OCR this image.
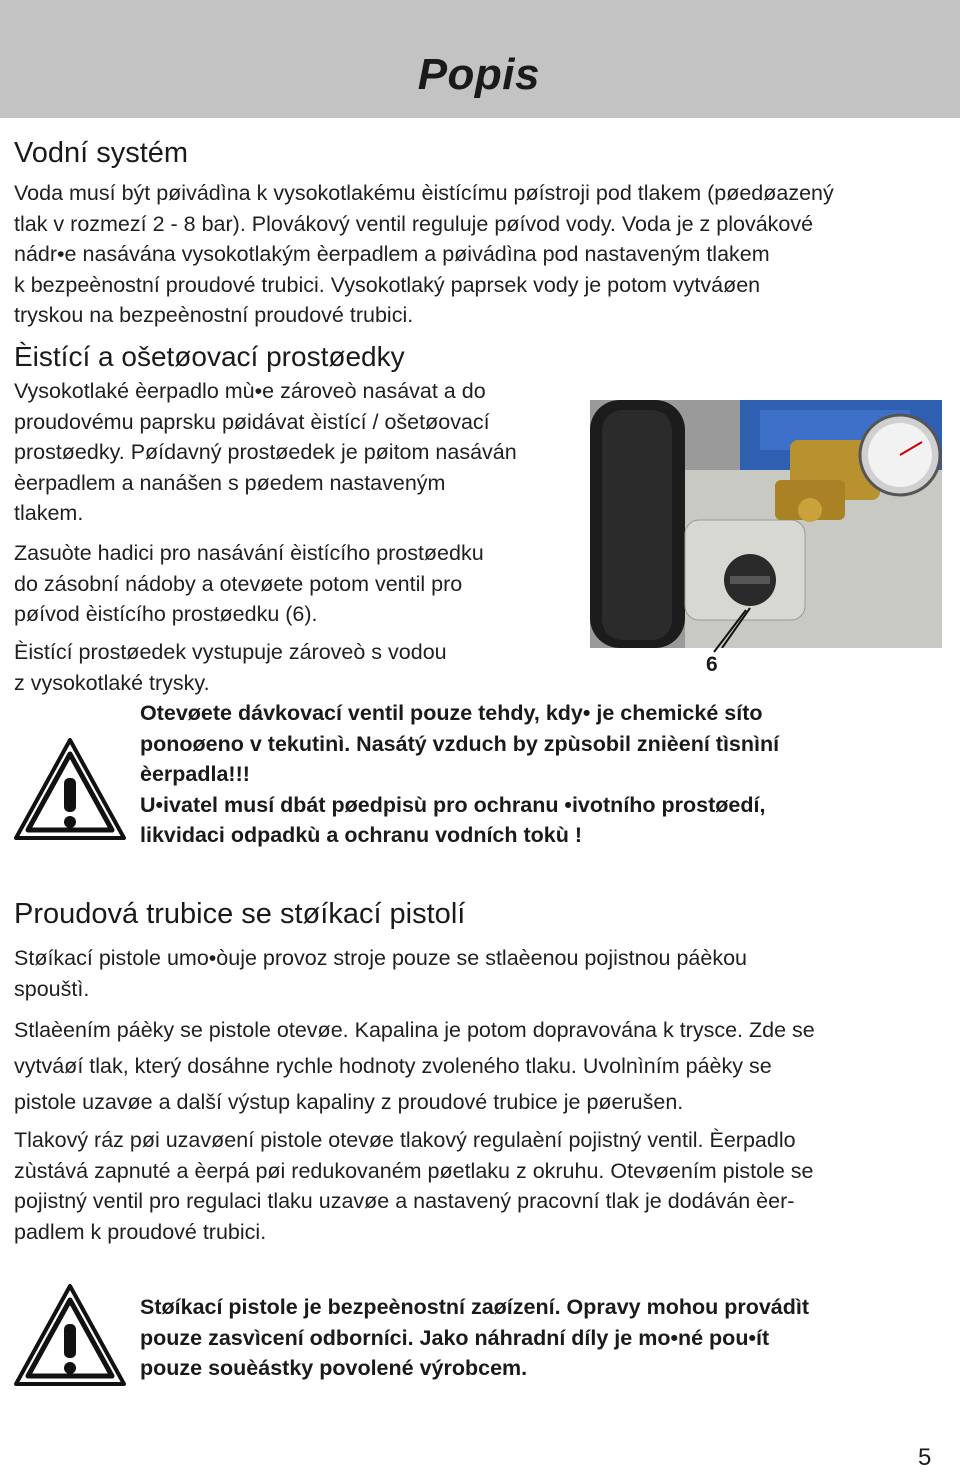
Popis
Vodní systém

Voda musí být pøivádìna k vysokotlakému èistícímu pøístroji pod tlakem (pøedøazený

tlak v rozmezí 2 - 8 bar). Plovákový ventil reguluje pøívod vody. Voda je z plovákové

nádr•e nasávána vysokotlakým èerpadlem a pøivádìna pod nastaveným tlakem

k bezpeènostní proudové trubici. Vysokotlaký paprsek vody je potom vytváøen

tryskou na bezpeènostní proudové trubici.

Èistící a ošetøovací prostøedky

Vysokotlaké èerpadlo mù•e zároveò nasávat a do

proudovému paprsku pøidávat èistící / ošetøovací

prostøedky. Pøídavný prostøedek je pøitom nasáván

èerpadlem a nanášen s pøedem nastaveným

tlakem.

Zasuòte hadici pro nasávání èistícího prostøedku

do zásobní nádoby a otevøete potom ventil pro

pøívod èistícího prostøedku (6).

Èistící prostøedek vystupuje zároveò s vodou

z vysokotlaké trysky.

6

Otevøete dávkovací ventil pouze tehdy, kdy• je chemické síto

ponoøeno v tekutinì. Nasátý vzduch by zpùsobil znièení tìsnìní

èerpadla!!!

U•ivatel musí dbát pøedpisù pro ochranu •ivotního prostøedí,

likvidaci odpadkù a ochranu vodních tokù !

Proudová trubice se støíkací pistolí

Støíkací pistole umo•òuje provoz stroje pouze se stlaèenou pojistnou páèkou

spouštì.

Stlaèením páèky se pistole otevøe. Kapalina je potom dopravována k trysce. Zde se

vytváøí tlak, který dosáhne rychle hodnoty zvoleného tlaku. Uvolnìním páèky se

pistole uzavøe a další výstup kapaliny z proudové trubice je pøerušen.

Tlakový ráz pøi uzavøení pistole otevøe tlakový regulaèní pojistný ventil. Èerpadlo

zùstává zapnuté a èerpá pøi redukovaném pøetlaku z okruhu. Otevøením pistole se

pojistný ventil pro regulaci tlaku uzavøe a nastavený pracovní tlak je dodáván èer-

padlem k proudové trubici.

Støíkací pistole je bezpeènostní zaøízení. Opravy mohou provádìt

pouze zasvìcení odborníci. Jako náhradní díly je mo•né pou•ít

pouze souèástky povolené výrobcem.

5
